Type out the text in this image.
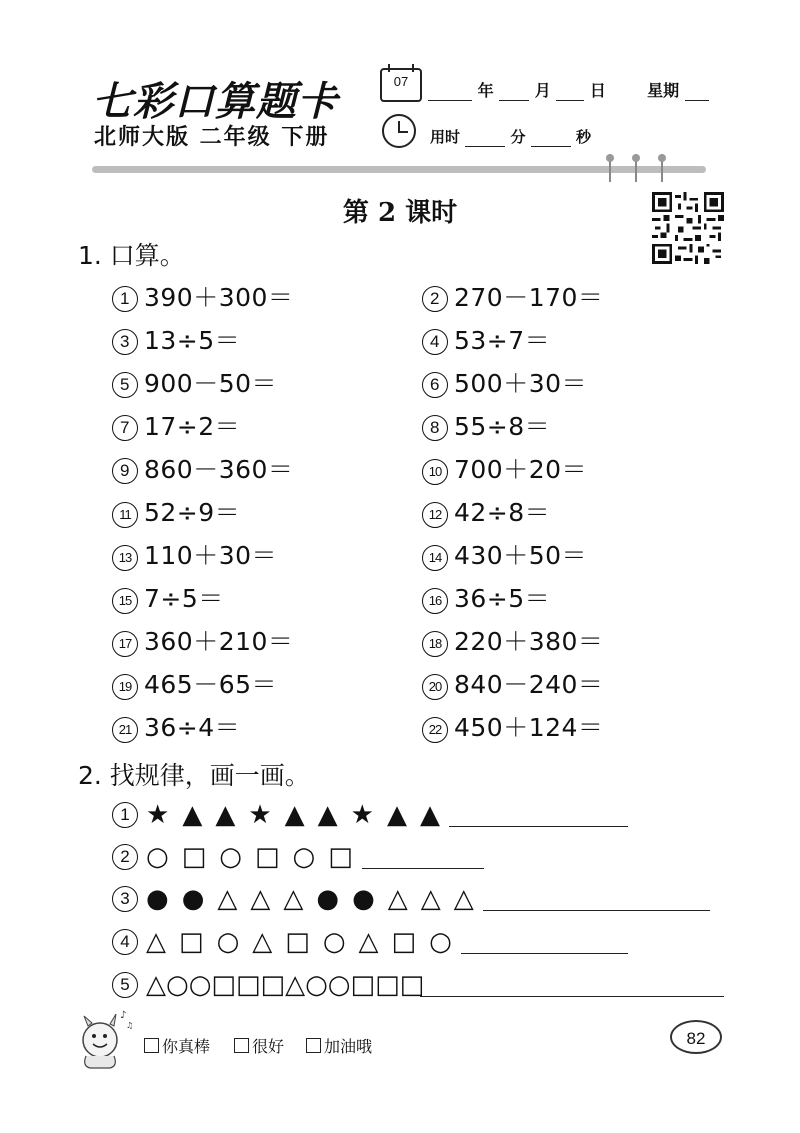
七彩口算题卡
北师大版 二年级 下册
07	年	月 日	星期
用时	分	秒
第 2 课时
1. 口算。
1 390＋300＝	2 270－170＝
3 13÷5＝	4 53÷7＝
5 900－50＝	6 500＋30＝
7 17÷2＝	8 55÷8＝
9 860－360＝	10 700＋20＝
11 52÷9＝	12 42÷8＝
13 110＋30＝	14 430＋50＝
15 7÷5＝	16 36÷5＝
17 360＋210＝	18 220＋380＝
19 465－65＝	20 840－240＝
21 36÷4＝	22 450＋124＝
2. 找规律，画一画。
1 ★ ▲ ▲ ★ ▲ ▲ ★ ▲ ▲
2 ○ □ ○ □ ○ □
3 ● ● △ △ △ ● ● △ △ △
4 △ □ ○ △ □ ○ △ □ ○
5 △ ○ ○ □ □ □ △ ○ ○ □ □ □
♪
♫
你真棒	很好	加油哦	82
